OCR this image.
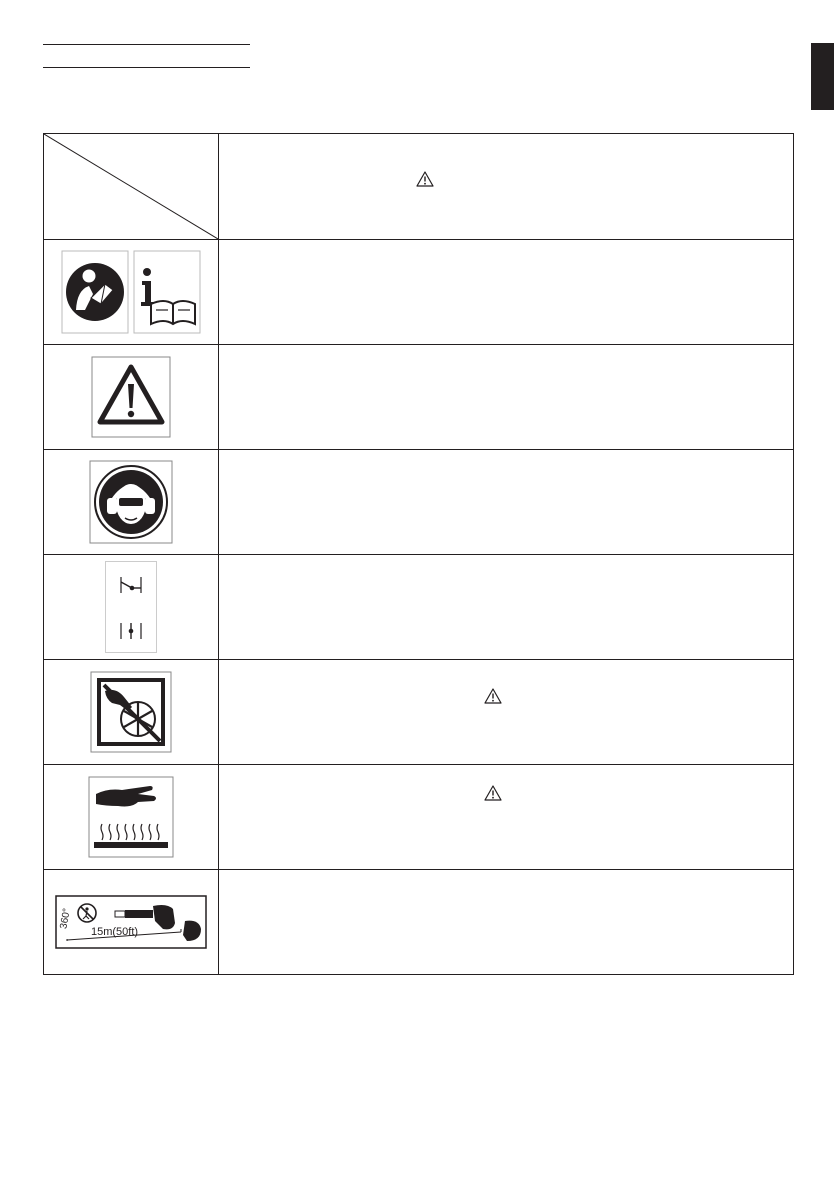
360°
15m(50ft)	
